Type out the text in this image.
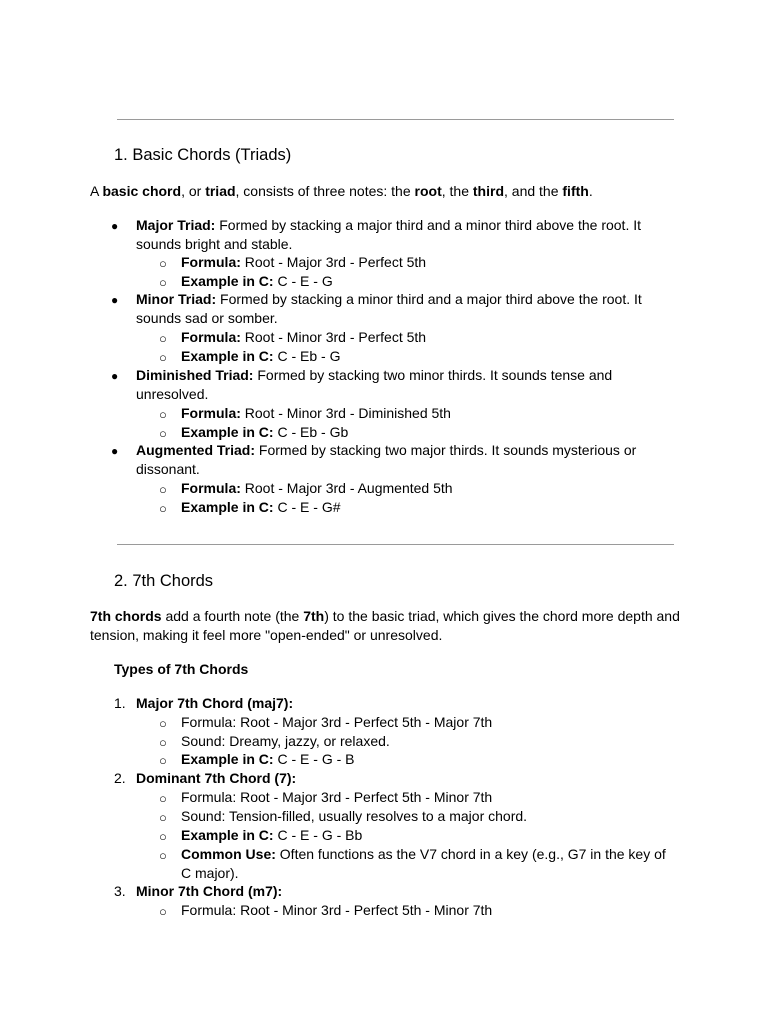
1. Basic Chords (Triads)
A basic chord, or triad, consists of three notes: the root, the third, and the fifth.
● Major Triad: Formed by stacking a major third and a minor third above the root. It sounds bright and stable.
○ Formula: Root - Major 3rd - Perfect 5th
○ Example in C: C - E - G
● Minor Triad: Formed by stacking a minor third and a major third above the root. It sounds sad or somber.
○ Formula: Root - Minor 3rd - Perfect 5th
○ Example in C: C - Eb - G
● Diminished Triad: Formed by stacking two minor thirds. It sounds tense and unresolved.
○ Formula: Root - Minor 3rd - Diminished 5th
○ Example in C: C - Eb - Gb
● Augmented Triad: Formed by stacking two major thirds. It sounds mysterious or dissonant.
○ Formula: Root - Major 3rd - Augmented 5th
○ Example in C: C - E - G#
2. 7th Chords
7th chords add a fourth note (the 7th) to the basic triad, which gives the chord more depth and tension, making it feel more "open-ended" or unresolved.
Types of 7th Chords
1. Major 7th Chord (maj7):
○ Formula: Root - Major 3rd - Perfect 5th - Major 7th
○ Sound: Dreamy, jazzy, or relaxed.
○ Example in C: C - E - G - B
2. Dominant 7th Chord (7):
○ Formula: Root - Major 3rd - Perfect 5th - Minor 7th
○ Sound: Tension-filled, usually resolves to a major chord.
○ Example in C: C - E - G - Bb
○ Common Use: Often functions as the V7 chord in a key (e.g., G7 in the key of C major).
3. Minor 7th Chord (m7):
○ Formula: Root - Minor 3rd - Perfect 5th - Minor 7th
